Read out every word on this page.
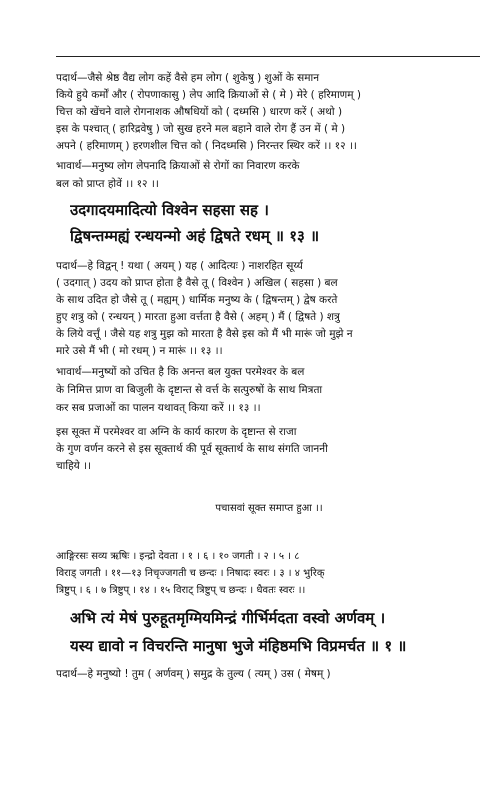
पदार्थ—जैसे श्रेष्ठ वैद्य लोग कहें वैसे हम लोग ( शुकेषु ) शुओं के समान
किये हुये कर्मों और ( रोपणाकासु ) लेप आदि क्रियाओं से ( मे ) मेरे ( हरिमाणम् )
चित्त को खेंचने वाले रोगनाशक औषधियों को ( दध्मसि ) धारण करें ( अथो )
इस के पश्चात् ( हारिद्रवेषु ) जो सुख हरने मल बहाने वाले रोग हैं उन में ( मे )
अपने ( हरिमाणम् ) हरणशील चित्त को ( निदध्मसि ) निरन्तर स्थिर करें ।। १२ ।।
भावार्थ—मनुष्य लोग लेपनादि क्रियाओं से रोगों का निवारण करके
बल को प्राप्त होवें ।। १२ ।।
उदगादयमादित्यो विश्वेन सहसा सह ।
द्विषन्तम्मह्यं रन्धयन्मो अहं द्विषते रधम् ॥ १३ ॥
पदार्थ—हे विद्वन् ! यथा ( अयम् ) यह ( आदित्यः ) नाशरहित सूर्य्य
( उदगात् ) उदय को प्राप्त होता है वैसे तू ( विश्वेन ) अखिल ( सहसा ) बल
के साथ उदित हो जैसे तू ( मह्यम् ) धार्मिक मनुष्य के ( द्विषन्तम् ) द्वेष करते
हुए शत्रु को ( रन्धयन् ) मारता हुआ वर्त्तता है वैसे ( अहम् ) मैं ( द्विषते ) शत्रु
के लिये वर्त्तूं । जैसे यह शत्रु मुझ को मारता है वैसे इस को मैं भी मारूं जो मुझे न
मारे उसे मैं भी ( मो रधम् ) न मारूं ।। १३ ।।
भावार्थ—मनुष्यों को उचित है कि अनन्त बल युक्त परमेश्वर के बल
के निमित्त प्राण वा बिजुली के दृष्टान्त से वर्त्त के सत्पुरुषों के साथ मित्रता
कर सब प्रजाओं का पालन यथावत् किया करें ।। १३ ।।
इस सूक्त में परमेश्वर वा अग्नि के कार्य कारण के दृष्टान्त से राजा
के गुण वर्णन करने से इस सूक्तार्थ की पूर्व सूक्तार्थ के साथ संगति जाननी
चाहिये ।।
पचासवां सूक्त समाप्त हुआ ।।
आङ्गिरसः सव्य ऋषिः । इन्द्रो देवता । १ । ६ । १० जगती । २ । ५ । ८
विराड् जगती । ११—१३ निचृज्जगती च छन्दः । निषादः स्वरः । ३ । ४ भुरिक्
त्रिष्टुप् । ६ । ७ त्रिष्टुप् । १४ । १५ विराट् त्रिष्टुप् च छन्दः । धैवतः स्वरः ।।
अभि त्यं मेषं पुरुहूतमृग्मियमिन्द्रं गीर्भिर्मदता वस्वो अर्णवम् ।
यस्य द्यावो न विचरन्ति मानुषा भुजे मंहिष्ठमभि विप्रमर्चत ॥ १ ॥
पदार्थ—हे मनुष्यो ! तुम ( अर्णवम् ) समुद्र के तुल्य ( त्यम् ) उस ( मेषम् )
